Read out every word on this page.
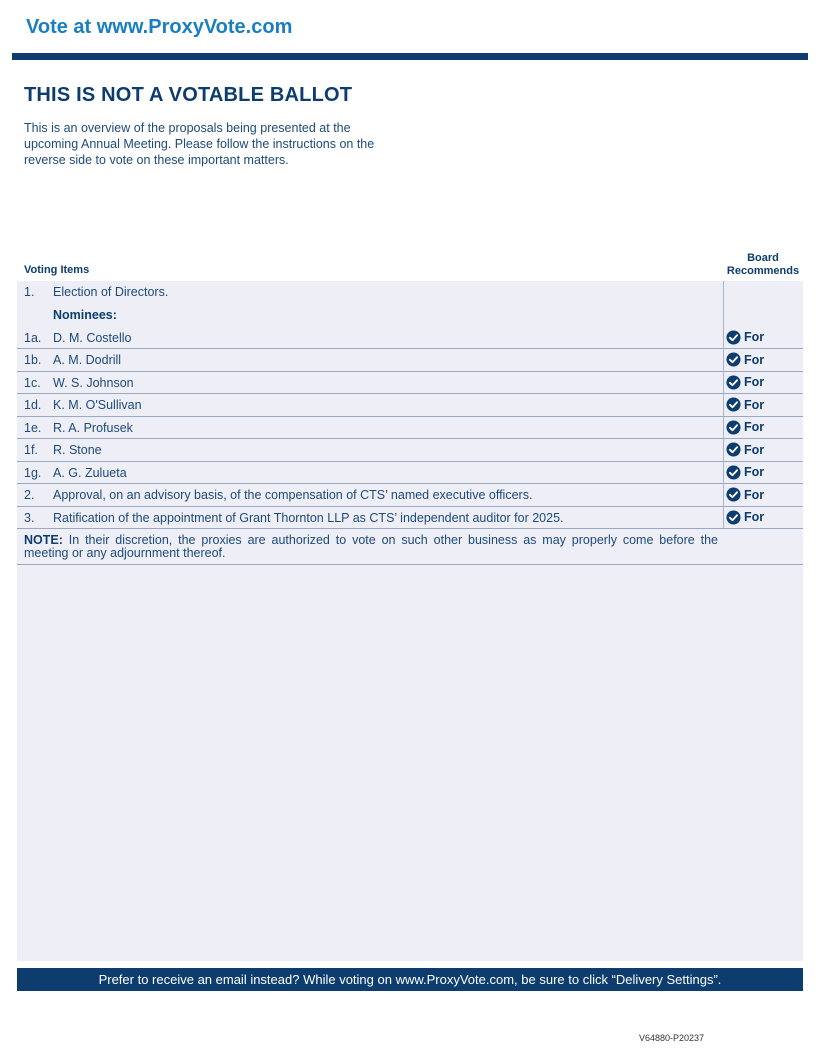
Vote at www.ProxyVote.com
THIS IS NOT A VOTABLE BALLOT
This is an overview of the proposals being presented at the upcoming Annual Meeting. Please follow the instructions on the reverse side to vote on these important matters.
Voting Items
Board
Recommends
1. Election of Directors.
Nominees:
1a. D. M. Costello	For
1b. A. M. Dodrill	For
1c. W. S. Johnson	For
1d. K. M. O'Sullivan	For
1e. R. A. Profusek	For
1f. R. Stone	For
1g. A. G. Zulueta	For
2. Approval, on an advisory basis, of the compensation of CTS’ named executive officers.	For
3. Ratification of the appointment of Grant Thornton LLP as CTS’ independent auditor for 2025.	For
NOTE: In their discretion, the proxies are authorized to vote on such other business as may properly come before the meeting or any adjournment thereof.
Prefer to receive an email instead? While voting on www.ProxyVote.com, be sure to click “Delivery Settings”.
V64880-P20237
